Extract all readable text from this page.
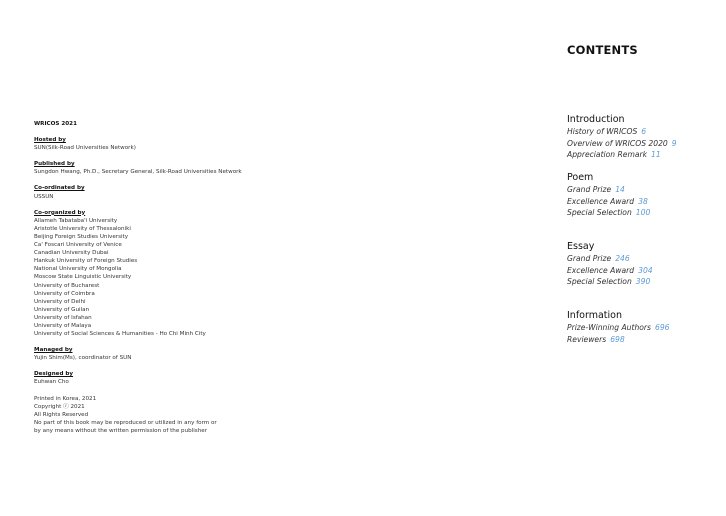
WRICOS 2021
Hosted by
SUN(Silk-Road Universities Network)
Published by
Sungdon Hwang, Ph.D., Secretary General, Silk-Road Universities Network
Co-ordinated by
USSUN
Co-organized by
Allameh Tabataba'i University
Aristotle University of Thessaloniki
Beijing Foreign Studies University
Ca' Foscari University of Venice
Canadian University Dubai
Hankuk University of Foreign Studies
National University of Mongolia
Moscow State Linguistic University
University of Bucharest
University of Coimbra
University of Delhi
University of Guilan
University of Isfahan
University of Malaya
University of Social Sciences & Humanities - Ho Chi Minh City
Managed by
Yujin Shim(Ms), coordinator of SUN
Designed by
Euhwan Cho
Printed in Korea, 2021
Copyright ⓒ 2021
All Rights Reserved
No part of this book may be reproduced or utilized in any form or
by any means without the written permission of the publisher
CONTENTS
Introduction
History of WRICOS 6
Overview of WRICOS 2020 9
Appreciation Remark 11
Poem
Grand Prize 14
Excellence Award 38
Special Selection 100
Essay
Grand Prize 246
Excellence Award 304
Special Selection 390
Information
Prize-Winning Authors 696
Reviewers 698
